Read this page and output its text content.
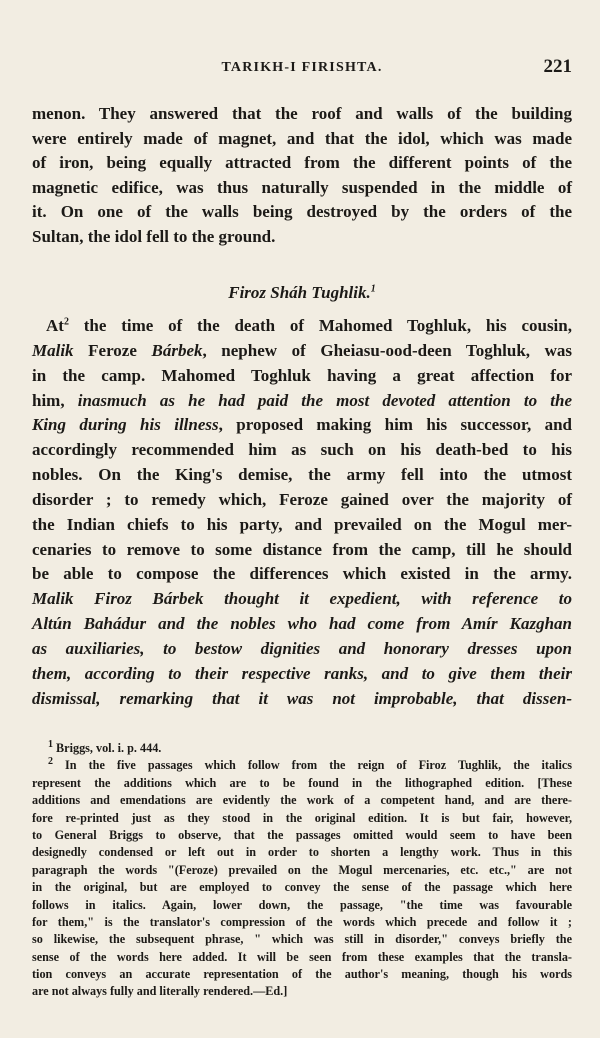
TARIKH-I FIRISHTA.	221
menon. They answered that the roof and walls of the building
were entirely made of magnet, and that the idol, which was made
of iron, being equally attracted from the different points of the
magnetic edifice, was thus naturally suspended in the middle of
it. On one of the walls being destroyed by the orders of the
Sultan, the idol fell to the ground.
Firoz Sháh Tughlik.$^1$
At$^2$ the time of the death of Mahomed Toghluk, his cousin,
Malik Feroze Bárbek, nephew of Gheiasu-ood-deen Toghluk, was
in the camp. Mahomed Toghluk having a great affection for
him, inasmuch as he had paid the most devoted attention to the
King during his illness, proposed making him his successor, and
accordingly recommended him as such on his death-bed to his
nobles. On the King's demise, the army fell into the utmost
disorder ; to remedy which, Feroze gained over the majority of
the Indian chiefs to his party, and prevailed on the Mogul mer-
cenaries to remove to some distance from the camp, till he should
be able to compose the differences which existed in the army.
Malik Firoz Bárbek thought it expedient, with reference to
Altún Bahádur and the nobles who had come from Amír Kazghan
as auxiliaries, to bestow dignities and honorary dresses upon
them, according to their respective ranks, and to give them their
dismissal, remarking that it was not improbable, that dissen-
$^1$ Briggs, vol. i. p. 444.
$^2$ In the five passages which follow from the reign of Firoz Tughlik, the italics
represent the additions which are to be found in the lithographed edition. [These
additions and emendations are evidently the work of a competent hand, and are there-
fore re-printed just as they stood in the original edition. It is but fair, however,
to General Briggs to observe, that the passages omitted would seem to have been
designedly condensed or left out in order to shorten a lengthy work. Thus in this
paragraph the words "(Feroze) prevailed on the Mogul mercenaries, etc. etc.," are not
in the original, but are employed to convey the sense of the passage which here
follows in italics. Again, lower down, the passage, "the time was favourable
for them," is the translator's compression of the words which precede and follow it ;
so likewise, the subsequent phrase, " which was still in disorder," conveys briefly the
sense of the words here added. It will be seen from these examples that the transla-
tion conveys an accurate representation of the author's meaning, though his words
are not always fully and literally rendered.—Ed.]
